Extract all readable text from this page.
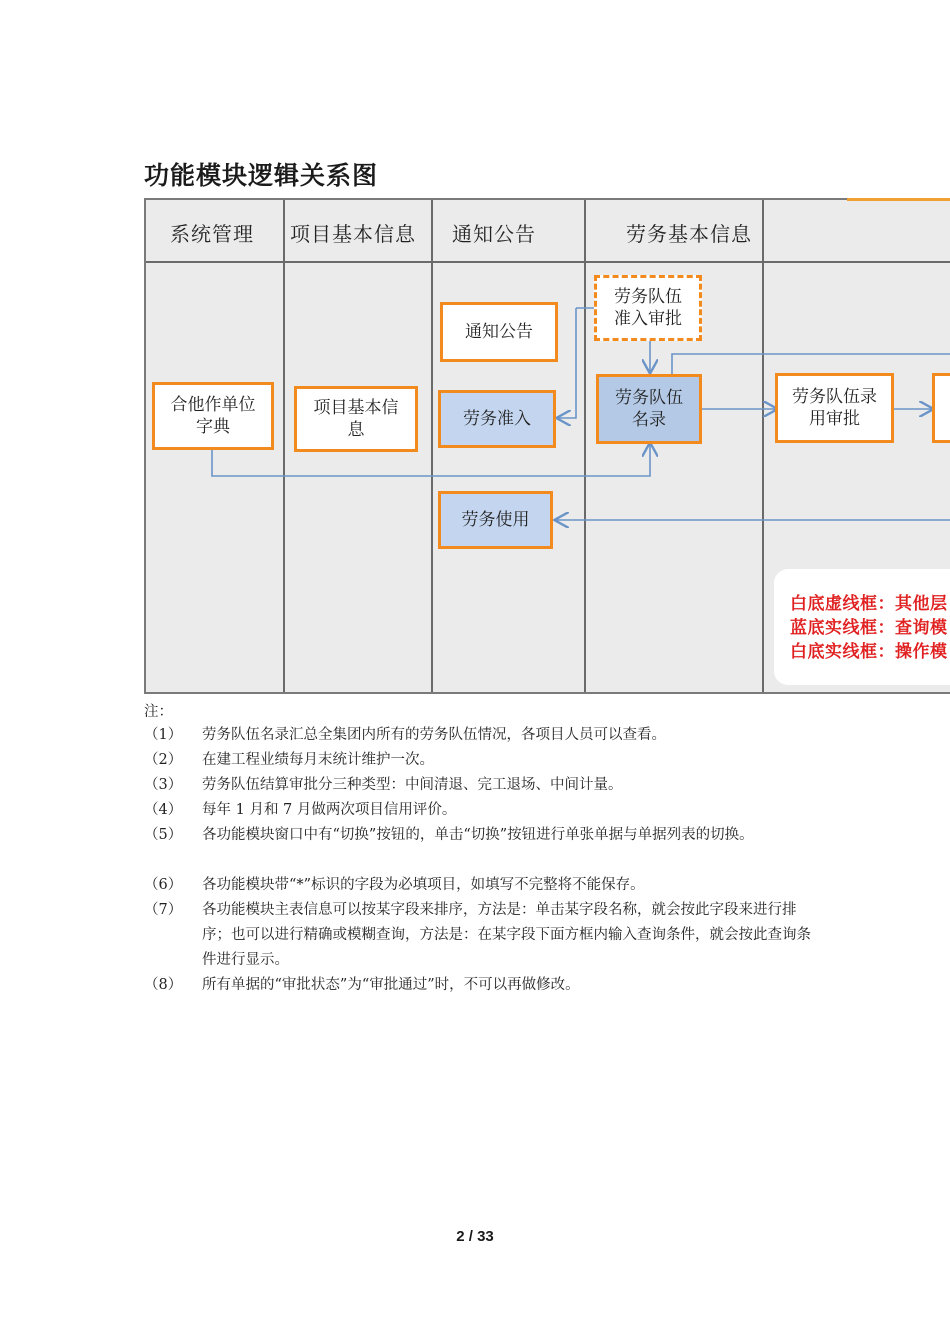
功能模块逻辑关系图
系统管理 项目基本信息 通知公告	劳务基本信息
合他作单位
字典
项目基本信
息
通知公告
劳务准入
劳务使用
劳务队伍
准入审批
劳务队伍
名录
劳务队伍录
用审批
白底虚线框：其他层
蓝底实线框：查询模
白底实线框：操作模
注：
（1） 劳务队伍名录汇总全集团内所有的劳务队伍情况，各项目人员可以查看。
（2） 在建工程业绩每月末统计维护一次。
（3） 劳务队伍结算审批分三种类型：中间清退、完工退场、中间计量。
（4） 每年 1 月和 7 月做两次项目信用评价。
（5） 各功能模块窗口中有“切换”按钮的，单击“切换”按钮进行单张单据与单据列表的切换。
（6） 各功能模块带“*”标识的字段为必填项目，如填写不完整将不能保存。
（7） 各功能模块主表信息可以按某字段来排序，方法是：单击某字段名称，就会按此字段来进行排序；也可以进行精确或模糊查询，方法是：在某字段下面方框内输入查询条件，就会按此查询条件进行显示。
（8） 所有单据的“审批状态”为“审批通过”时，不可以再做修改。
2 / 33
